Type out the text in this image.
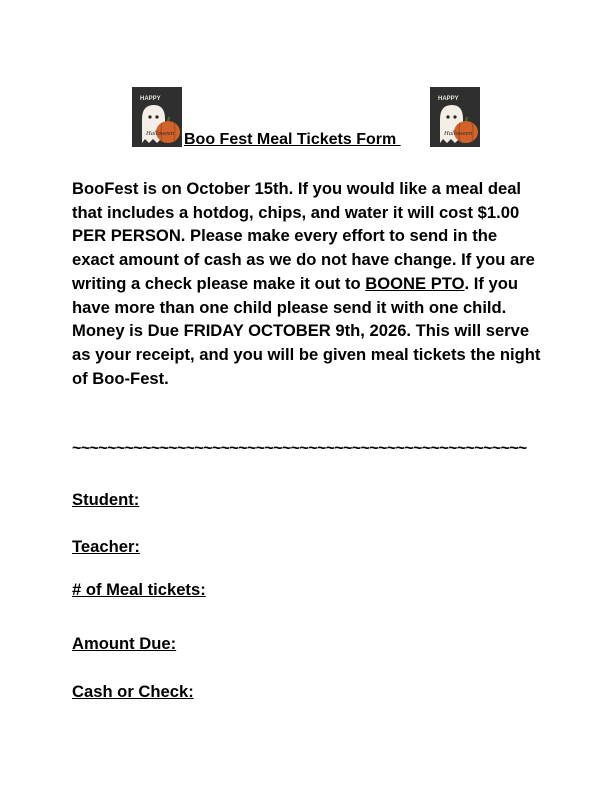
HAPPY
Halloween Boo Fest Meal Tickets Form
HAPPY
Halloween
BooFest is on October 15th. If you would like a meal deal that includes a hotdog, chips, and water it will cost $1.00 PER PERSON. Please make every effort to send in the exact amount of cash as we do not have change. If you are writing a check please make it out to BOONE PTO. If you have more than one child please send it with one child. Money is Due FRIDAY OCTOBER 9th, 2026. This will serve as your receipt, and you will be given meal tickets the night of Boo-Fest.
~~~~~~~~~~~~~~~~~~~~~~~~~~~~~~~~~~~~~~~~~~~~~~~~~~~~
Student:
Teacher:
# of Meal tickets:
Amount Due:
Cash or Check:
